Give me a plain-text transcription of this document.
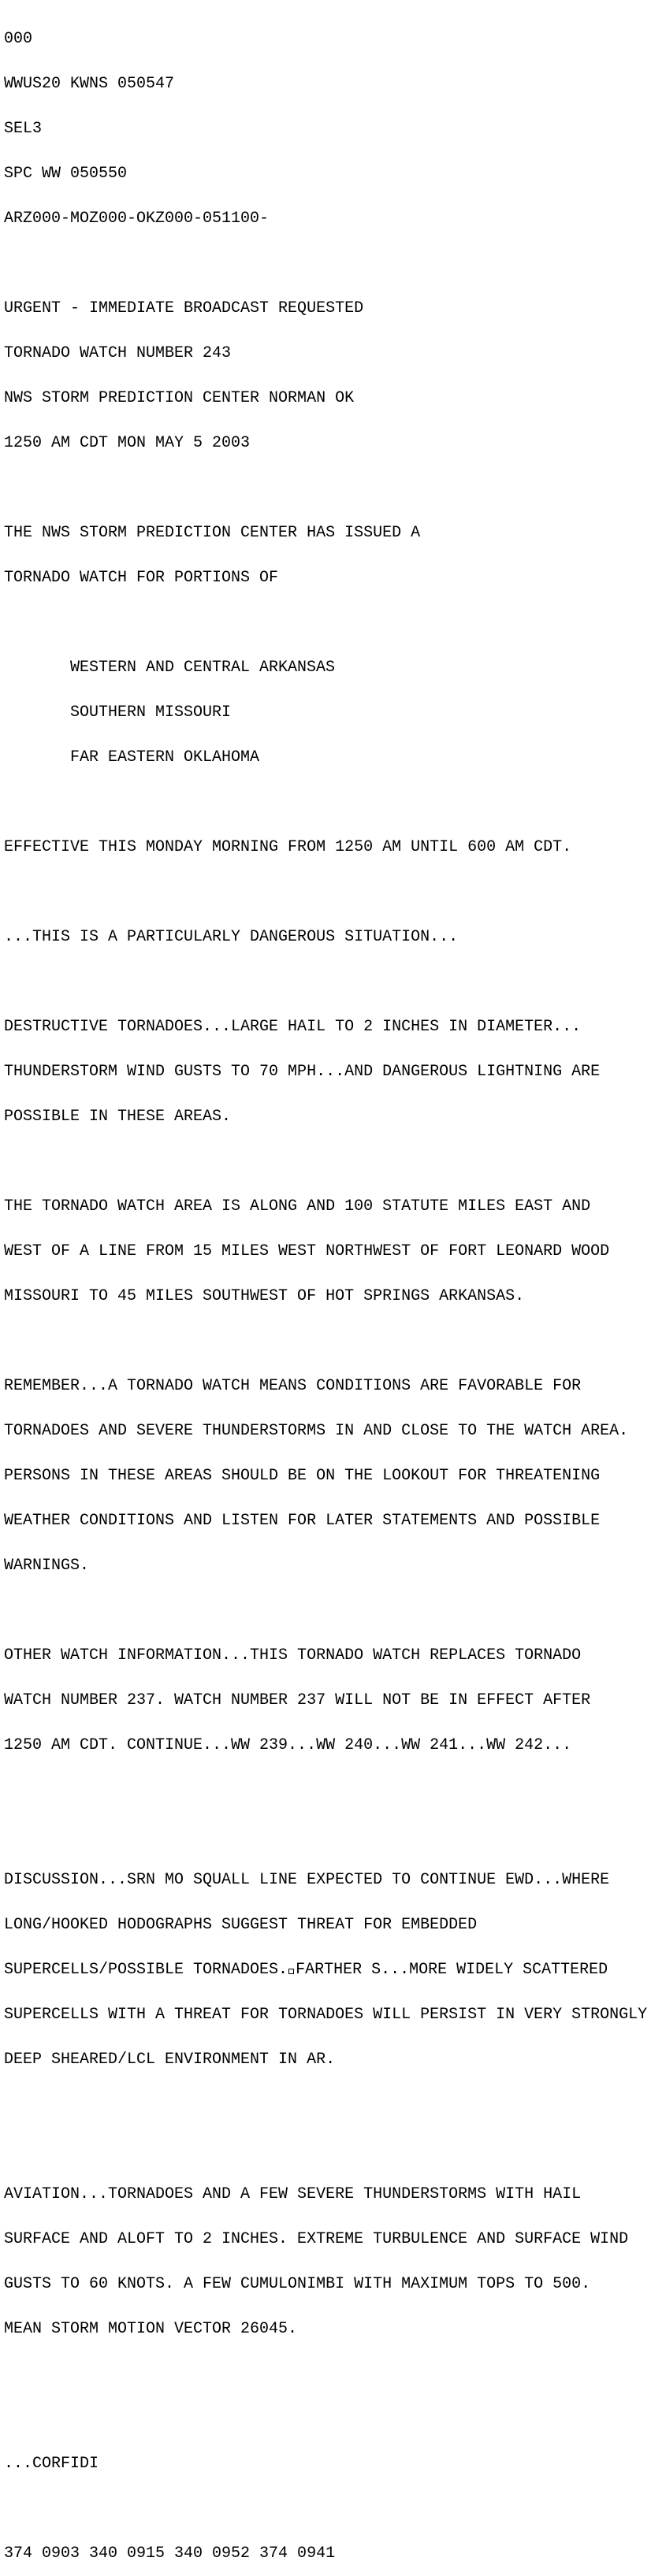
000

WWUS20 KWNS 050547

SEL3

SPC WW 050550

ARZ000-MOZ000-OKZ000-051100-

URGENT - IMMEDIATE BROADCAST REQUESTED

TORNADO WATCH NUMBER 243

NWS STORM PREDICTION CENTER NORMAN OK

1250 AM CDT MON MAY 5 2003

THE NWS STORM PREDICTION CENTER HAS ISSUED A

TORNADO WATCH FOR PORTIONS OF

WESTERN AND CENTRAL ARKANSAS

SOUTHERN MISSOURI

FAR EASTERN OKLAHOMA

EFFECTIVE THIS MONDAY MORNING FROM 1250 AM UNTIL 600 AM CDT.

...THIS IS A PARTICULARLY DANGEROUS SITUATION...

DESTRUCTIVE TORNADOES...LARGE HAIL TO 2 INCHES IN DIAMETER...

THUNDERSTORM WIND GUSTS TO 70 MPH...AND DANGEROUS LIGHTNING ARE

POSSIBLE IN THESE AREAS.

THE TORNADO WATCH AREA IS ALONG AND 100 STATUTE MILES EAST AND

WEST OF A LINE FROM 15 MILES WEST NORTHWEST OF FORT LEONARD WOOD

MISSOURI TO 45 MILES SOUTHWEST OF HOT SPRINGS ARKANSAS.

REMEMBER...A TORNADO WATCH MEANS CONDITIONS ARE FAVORABLE FOR

TORNADOES AND SEVERE THUNDERSTORMS IN AND CLOSE TO THE WATCH AREA.

PERSONS IN THESE AREAS SHOULD BE ON THE LOOKOUT FOR THREATENING

WEATHER CONDITIONS AND LISTEN FOR LATER STATEMENTS AND POSSIBLE

WARNINGS.

OTHER WATCH INFORMATION...THIS TORNADO WATCH REPLACES TORNADO

WATCH NUMBER 237. WATCH NUMBER 237 WILL NOT BE IN EFFECT AFTER

1250 AM CDT. CONTINUE...WW 239...WW 240...WW 241...WW 242...

DISCUSSION...SRN MO SQUALL LINE EXPECTED TO CONTINUE EWD...WHERE

LONG/HOOKED HODOGRAPHS SUGGEST THREAT FOR EMBEDDED

SUPERCELLS/POSSIBLE TORNADOES. FARTHER S...MORE WIDELY SCATTERED

SUPERCELLS WITH A THREAT FOR TORNADOES WILL PERSIST IN VERY STRONGLY

DEEP SHEARED/LCL ENVIRONMENT IN AR.

AVIATION...TORNADOES AND A FEW SEVERE THUNDERSTORMS WITH HAIL

SURFACE AND ALOFT TO 2 INCHES. EXTREME TURBULENCE AND SURFACE WIND

GUSTS TO 60 KNOTS. A FEW CUMULONIMBI WITH MAXIMUM TOPS TO 500.

MEAN STORM MOTION VECTOR 26045.

...CORFIDI

374 0903 340 0915 340 0952 374 0941
